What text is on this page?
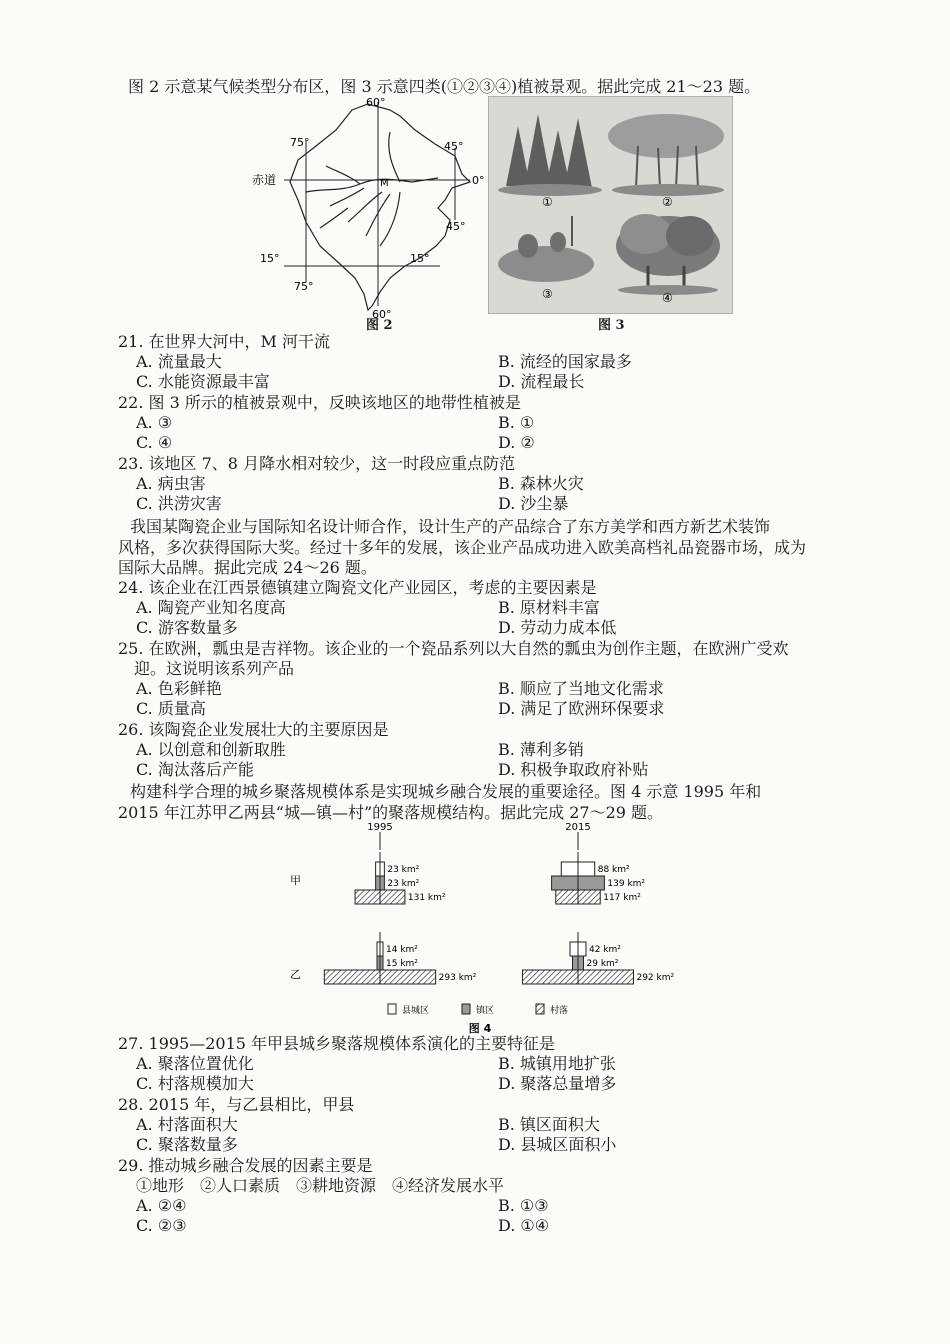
图 2 示意某气候类型分布区，图 3 示意四类(①②③④)植被景观。据此完成 21～23 题。
60°
75°	45°
0°
赤道	M
45°
15°	15°
75°
60°
图 2
①	②
③	④
图 3
21. 在世界大河中，M 河干流
A. 流量最大	B. 流经的国家最多
C. 水能资源最丰富	D. 流程最长
22. 图 3 所示的植被景观中，反映该地区的地带性植被是
A. ③	B. ①
C. ④	D. ②
23. 该地区 7、8 月降水相对较少，这一时段应重点防范
A. 病虫害	B. 森林火灾
C. 洪涝灾害	D. 沙尘暴
我国某陶瓷企业与国际知名设计师合作，设计生产的产品综合了东方美学和西方新艺术装饰
风格，多次获得国际大奖。经过十多年的发展，该企业产品成功进入欧美高档礼品瓷器市场，成为
国际大品牌。据此完成 24～26 题。
24. 该企业在江西景德镇建立陶瓷文化产业园区，考虑的主要因素是
A. 陶瓷产业知名度高	B. 原材料丰富
C. 游客数量多	D. 劳动力成本低
25. 在欧洲，瓢虫是吉祥物。该企业的一个瓷品系列以大自然的瓢虫为创作主题，在欧洲广受欢
迎。这说明该系列产品
A. 色彩鲜艳	B. 顺应了当地文化需求
C. 质量高	D. 满足了欧洲环保要求
26. 该陶瓷企业发展壮大的主要原因是
A. 以创意和创新取胜	B. 薄利多销
C. 淘汰落后产能	D. 积极争取政府补贴
构建科学合理的城乡聚落规模体系是实现城乡融合发展的重要途径。图 4 示意 1995 年和
2015 年江苏甲乙两县“城—镇—村”的聚落规模结构。据此完成 27～29 题。
1995	2015
甲
乙
23 km²
23 km²
131 km²
88 km²
139 km²
117 km²
14 km²
15 km²
293 km²
42 km²
29 km²
292 km²
县城区	镇区	村落
图 4
27. 1995—2015 年甲县城乡聚落规模体系演化的主要特征是
A. 聚落位置优化	B. 城镇用地扩张
C. 村落规模加大	D. 聚落总量增多
28. 2015 年，与乙县相比，甲县
A. 村落面积大	B. 镇区面积大
C. 聚落数量多	D. 县城区面积小
29. 推动城乡融合发展的因素主要是
①地形　②人口素质　③耕地资源　④经济发展水平
A. ②④	B. ①③
C. ②③	D. ①④
